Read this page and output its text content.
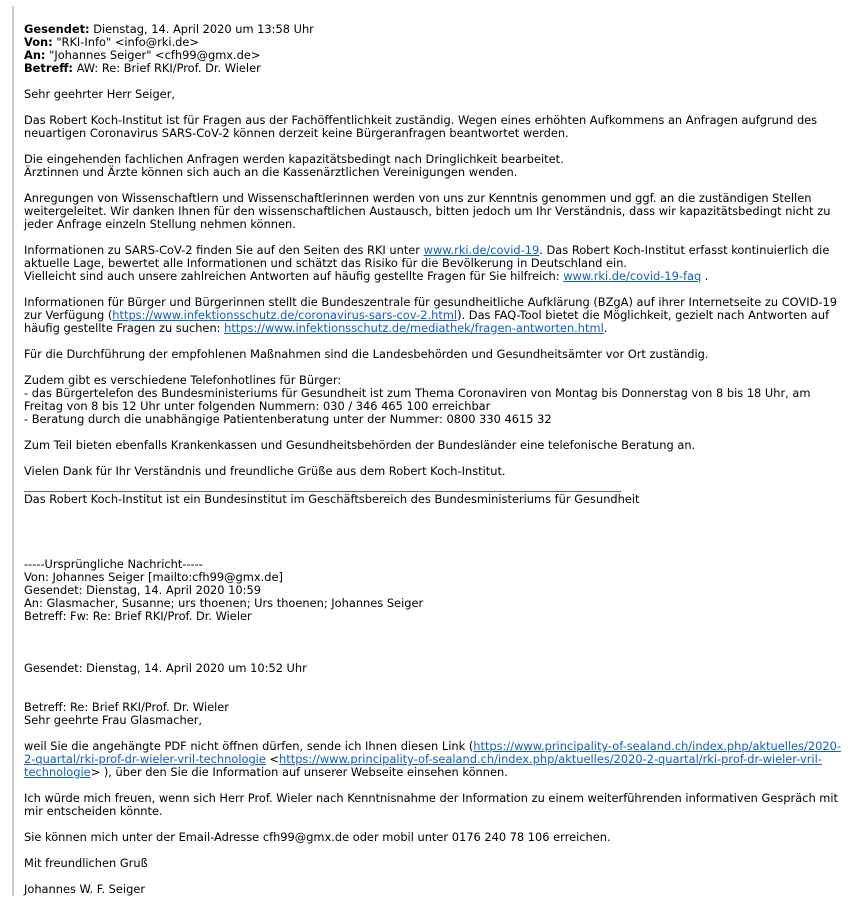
Gesendet: Dienstag, 14. April 2020 um 13:58 Uhr
Von: "RKI-Info" <info@rki.de>
An: "Johannes Seiger" <cfh99@gmx.de>
Betreff: AW: Re: Brief RKI/Prof. Dr. Wieler

Sehr geehrter Herr Seiger,

Das Robert Koch-Institut ist für Fragen aus der Fachöffentlichkeit zuständig. Wegen eines erhöhten Aufkommens an Anfragen aufgrund des neuartigen Coronavirus SARS-CoV-2 können derzeit keine Bürgeranfragen beantwortet werden.

Die eingehenden fachlichen Anfragen werden kapazitätsbedingt nach Dringlichkeit bearbeitet.
Ärztinnen und Ärzte können sich auch an die Kassenärztlichen Vereinigungen wenden.

Anregungen von Wissenschaftlern und Wissenschaftlerinnen werden von uns zur Kenntnis genommen und ggf. an die zuständigen Stellen weitergeleitet. Wir danken Ihnen für den wissenschaftlichen Austausch, bitten jedoch um Ihr Verständnis, dass wir kapazitätsbedingt nicht zu jeder Anfrage einzeln Stellung nehmen können.

Informationen zu SARS-CoV-2 finden Sie auf den Seiten des RKI unter www.rki.de/covid-19. Das Robert Koch-Institut erfasst kontinuierlich die aktuelle Lage, bewertet alle Informationen und schätzt das Risiko für die Bevölkerung in Deutschland ein.
Vielleicht sind auch unsere zahlreichen Antworten auf häufig gestellte Fragen für Sie hilfreich: www.rki.de/covid-19-faq .

Informationen für Bürger und Bürgerinnen stellt die Bundeszentrale für gesundheitliche Aufklärung (BZgA) auf ihrer Internetseite zu COVID-19 zur Verfügung (https://www.infektionsschutz.de/coronavirus-sars-cov-2.html). Das FAQ-Tool bietet die Möglichkeit, gezielt nach Antworten auf häufig gestellte Fragen zu suchen: https://www.infektionsschutz.de/mediathek/fragen-antworten.html.

Für die Durchführung der empfohlenen Maßnahmen sind die Landesbehörden und Gesundheitsämter vor Ort zuständig.

Zudem gibt es verschiedene Telefonhotlines für Bürger:
- das Bürgertelefon des Bundesministeriums für Gesundheit ist zum Thema Coronaviren von Montag bis Donnerstag von 8 bis 18 Uhr, am Freitag von 8 bis 12 Uhr unter folgenden Nummern: 030 / 346 465 100 erreichbar
- Beratung durch die unabhängige Patientenberatung unter der Nummer: 0800 330 4615 32

Zum Teil bieten ebenfalls Krankenkassen und Gesundheitsbehörden der Bundesländer eine telefonische Beratung an.

Vielen Dank für Ihr Verständnis und freundliche Grüße aus dem Robert Koch-Institut.
Das Robert Koch-Institut ist ein Bundesinstitut im Geschäftsbereich des Bundesministeriums für Gesundheit
-----Ursprüngliche Nachricht-----
Von: Johannes Seiger [mailto:cfh99@gmx.de]
Gesendet: Dienstag, 14. April 2020 10:59
An: Glasmacher, Susanne; urs thoenen; Urs thoenen; Johannes Seiger
Betreff: Fw: Re: Brief RKI/Prof. Dr. Wieler
Gesendet: Dienstag, 14. April 2020 um 10:52 Uhr
Betreff: Re: Brief RKI/Prof. Dr. Wieler
Sehr geehrte Frau Glasmacher,

weil Sie die angehängte PDF nicht öffnen dürfen, sende ich Ihnen diesen Link (https://www.principality-of-sealand.ch/index.php/aktuelles/2020-2-quartal/rki-prof-dr-wieler-vril-technologie <https://www.principality-of-sealand.ch/index.php/aktuelles/2020-2-quartal/rki-prof-dr-wieler-vril-technologie> ), über den Sie die Information auf unserer Webseite einsehen können.

Ich würde mich freuen, wenn sich Herr Prof. Wieler nach Kenntnisnahme der Information zu einem weiterführenden informativen Gespräch mit mir entscheiden könnte.

Sie können mich unter der Email-Adresse cfh99@gmx.de oder mobil unter 0176 240 78 106 erreichen.

Mit freundlichen Gruß

Johannes W. F. Seiger
